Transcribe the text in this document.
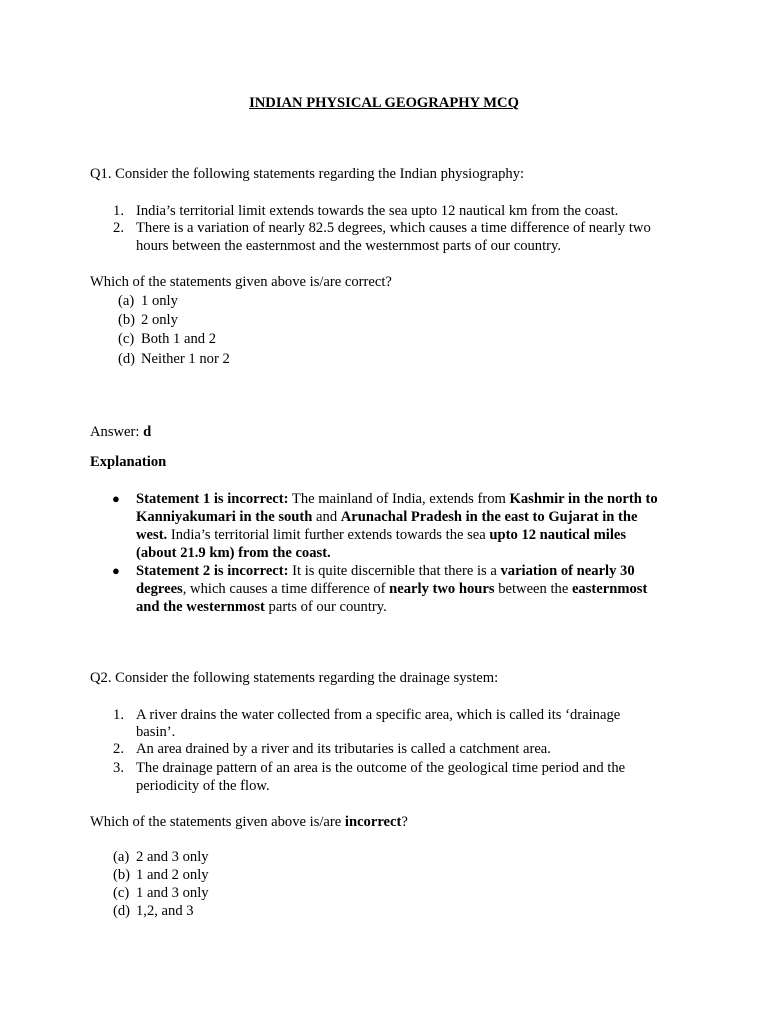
INDIAN PHYSICAL GEOGRAPHY MCQ
Q1. Consider the following statements regarding the Indian physiography:
1. India’s territorial limit extends towards the sea upto 12 nautical km from the coast.
2. There is a variation of nearly 82.5 degrees, which causes a time difference of nearly two
hours between the easternmost and the westernmost parts of our country.
Which of the statements given above is/are correct?
(a) 1 only
(b) 2 only
(c) Both 1 and 2
(d) Neither 1 nor 2
Answer: d
Explanation
● Statement 1 is incorrect: The mainland of India, extends from Kashmir in the north to
Kanniyakumari in the south and Arunachal Pradesh in the east to Gujarat in the
west. India’s territorial limit further extends towards the sea upto 12 nautical miles
(about 21.9 km) from the coast.
● Statement 2 is incorrect: It is quite discernible that there is a variation of nearly 30
degrees, which causes a time difference of nearly two hours between the easternmost
and the westernmost parts of our country.
Q2. Consider the following statements regarding the drainage system:
1. A river drains the water collected from a specific area, which is called its ‘drainage
basin’.
2. An area drained by a river and its tributaries is called a catchment area.
3. The drainage pattern of an area is the outcome of the geological time period and the
periodicity of the flow.
Which of the statements given above is/are incorrect?
(a) 2 and 3 only
(b) 1 and 2 only
(c) 1 and 3 only
(d) 1,2, and 3
